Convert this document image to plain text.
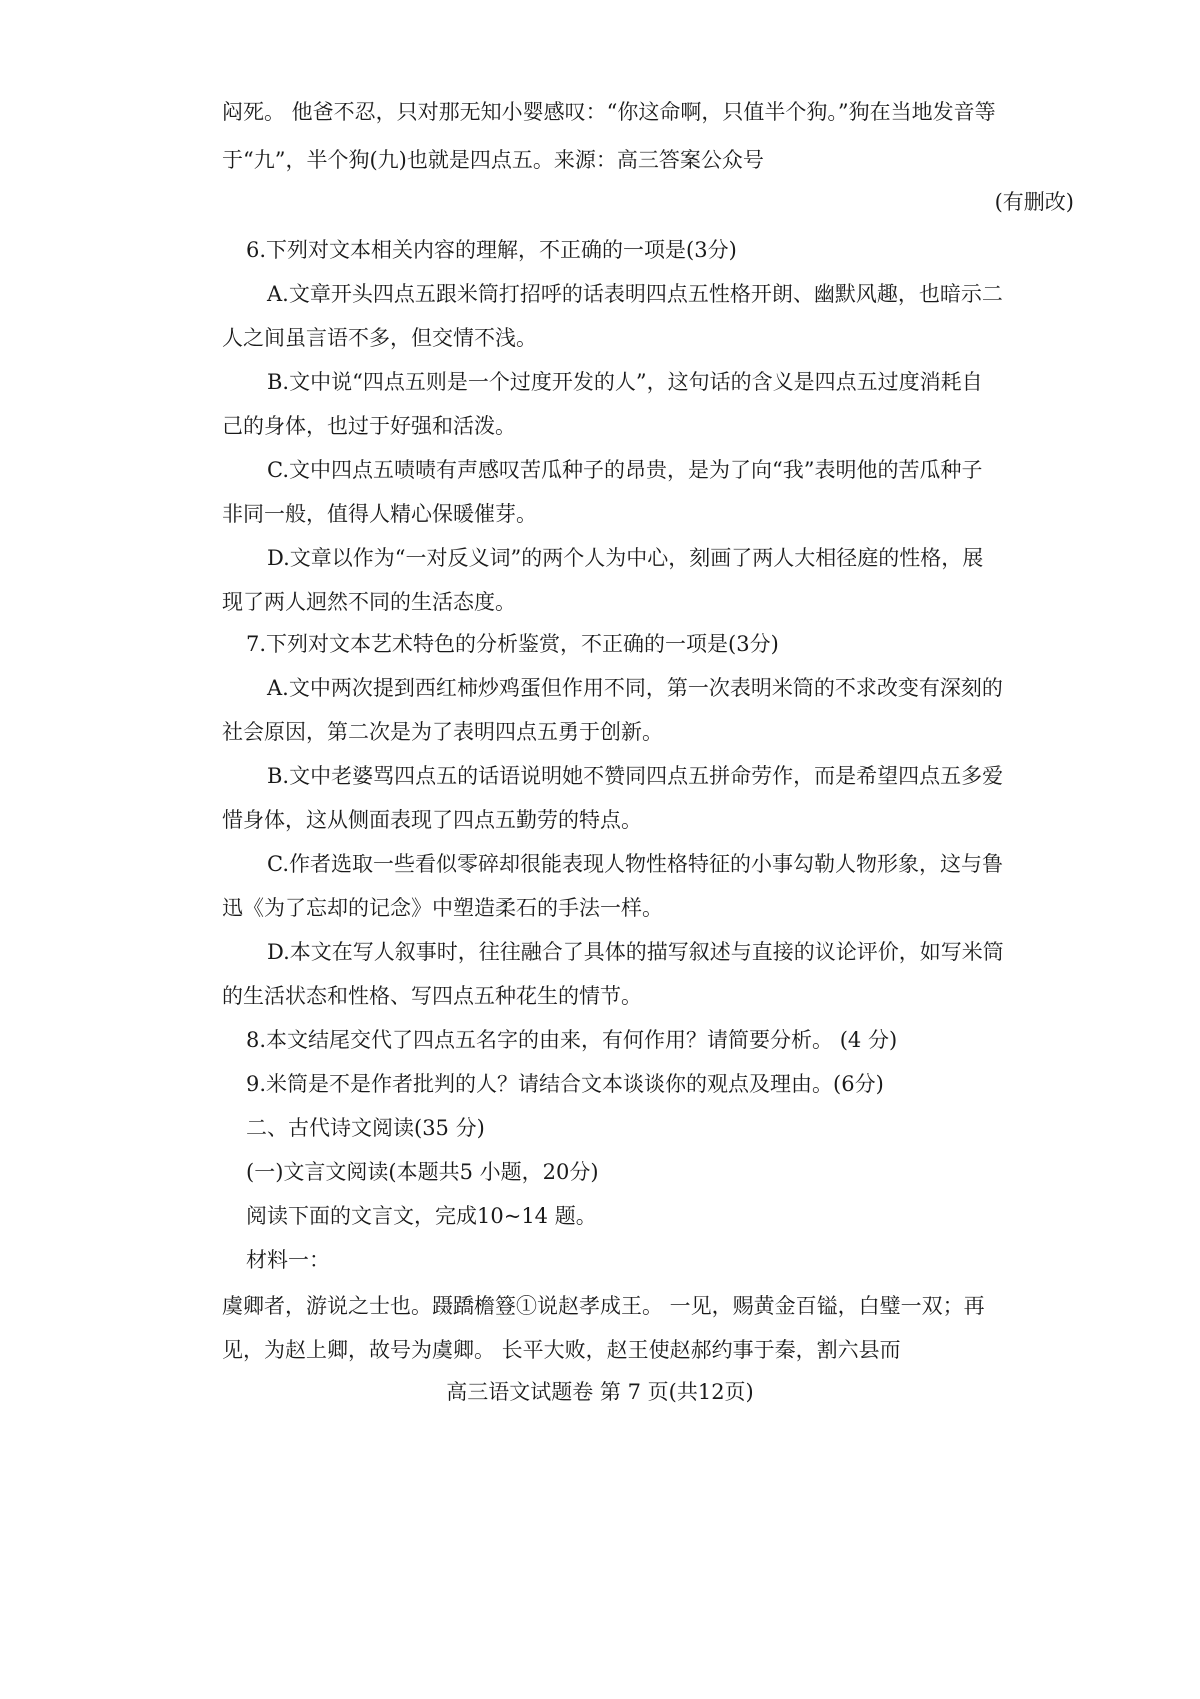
闷死。 他爸不忍，只对那无知小婴感叹：“你这命啊，只值半个狗。”狗在当地发音等
于“九”，半个狗(九)也就是四点五。来源：高三答案公众号
(有删改)
6.下列对文本相关内容的理解，不正确的一项是(3分)
A.文章开头四点五跟米筒打招呼的话表明四点五性格开朗、幽默风趣，也暗示二
人之间虽言语不多，但交情不浅。
B.文中说“四点五则是一个过度开发的人”，这句话的含义是四点五过度消耗自
己的身体，也过于好强和活泼。
C.文中四点五啧啧有声感叹苦瓜种子的昂贵，是为了向“我”表明他的苦瓜种子
非同一般，值得人精心保暖催芽。
D.文章以作为“一对反义词”的两个人为中心，刻画了两人大相径庭的性格，展
现了两人迥然不同的生活态度。
7.下列对文本艺术特色的分析鉴赏，不正确的一项是(3分)
A.文中两次提到西红柿炒鸡蛋但作用不同，第一次表明米筒的不求改变有深刻的
社会原因，第二次是为了表明四点五勇于创新。
B.文中老婆骂四点五的话语说明她不赞同四点五拼命劳作，而是希望四点五多爱
惜身体，这从侧面表现了四点五勤劳的特点。
C.作者选取一些看似零碎却很能表现人物性格特征的小事勾勒人物形象，这与鲁
迅《为了忘却的记念》中塑造柔石的手法一样。
D.本文在写人叙事时，往往融合了具体的描写叙述与直接的议论评价，如写米筒
的生活状态和性格、写四点五种花生的情节。
8.本文结尾交代了四点五名字的由来，有何作用？请简要分析。 (4 分)
9.米筒是不是作者批判的人？请结合文本谈谈你的观点及理由。(6分)
二、古代诗文阅读(35 分)
(一)文言文阅读(本题共5 小题，20分)
阅读下面的文言文，完成10~14 题。
材料一：
虞卿者，游说之士也。蹑蹻檐簦①说赵孝成王。 一见，赐黄金百镒，白璧一双；再
见，为赵上卿，故号为虞卿。 长平大败，赵王使赵郝约事于秦，割六县而
高三语文试题卷 第 7 页(共12页)
